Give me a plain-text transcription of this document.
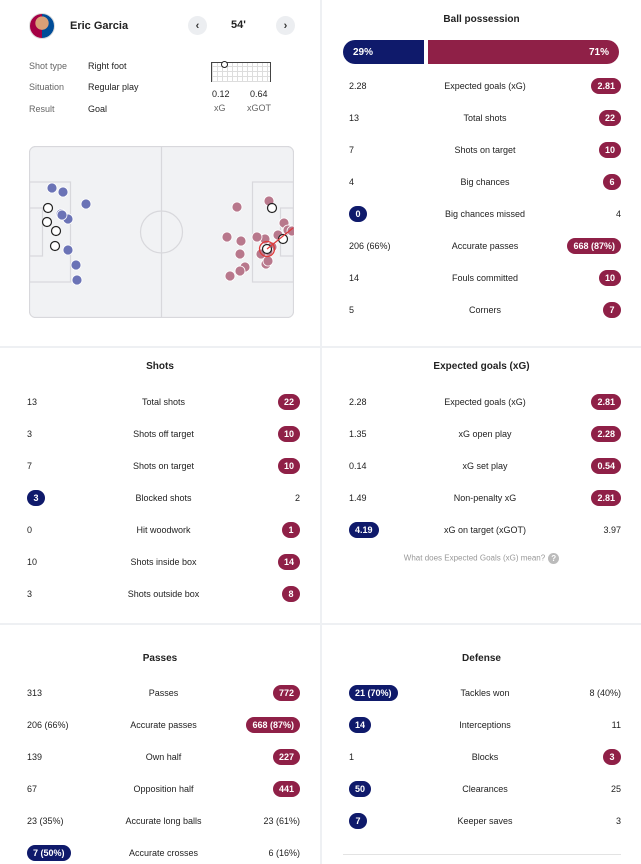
Eric Garcia	‹	54'	›
Shot type Right foot
Situation	Regular play
Result	Goal
0.12 0.64
xG xGOT
Ball possession
29%	71%
2.28	Expected goals (xG)	2.81
13	Total shots	22
7	Shots on target	10
4	Big chances	6
0	Big chances missed	4
206 (66%)	Accurate passes	668 (87%)
14	Fouls committed	10
5	Corners	7
Shots
13	Total shots	22
3	Shots off target	10
7	Shots on target	10
3	Blocked shots	2
0	Hit woodwork	1
10	Shots inside box	14
3	Shots outside box	8
Expected goals (xG)
2.28	Expected goals (xG)	2.81
1.35	xG open play	2.28
0.14	xG set play	0.54
1.49	Non-penalty xG	2.81
4.19	xG on target (xGOT)	3.97
What does Expected Goals (xG) mean? ?
Passes
313	Passes	772
206 (66%)	Accurate passes	668 (87%)
139	Own half	227
67	Opposition half	441
23 (35%)	Accurate long balls	23 (61%)
7 (50%)	Accurate crosses	6 (16%)
Defense
21 (70%)	Tackles won	8 (40%)
14	Interceptions	11
1	Blocks	3
50	Clearances	25
7	Keeper saves	3
